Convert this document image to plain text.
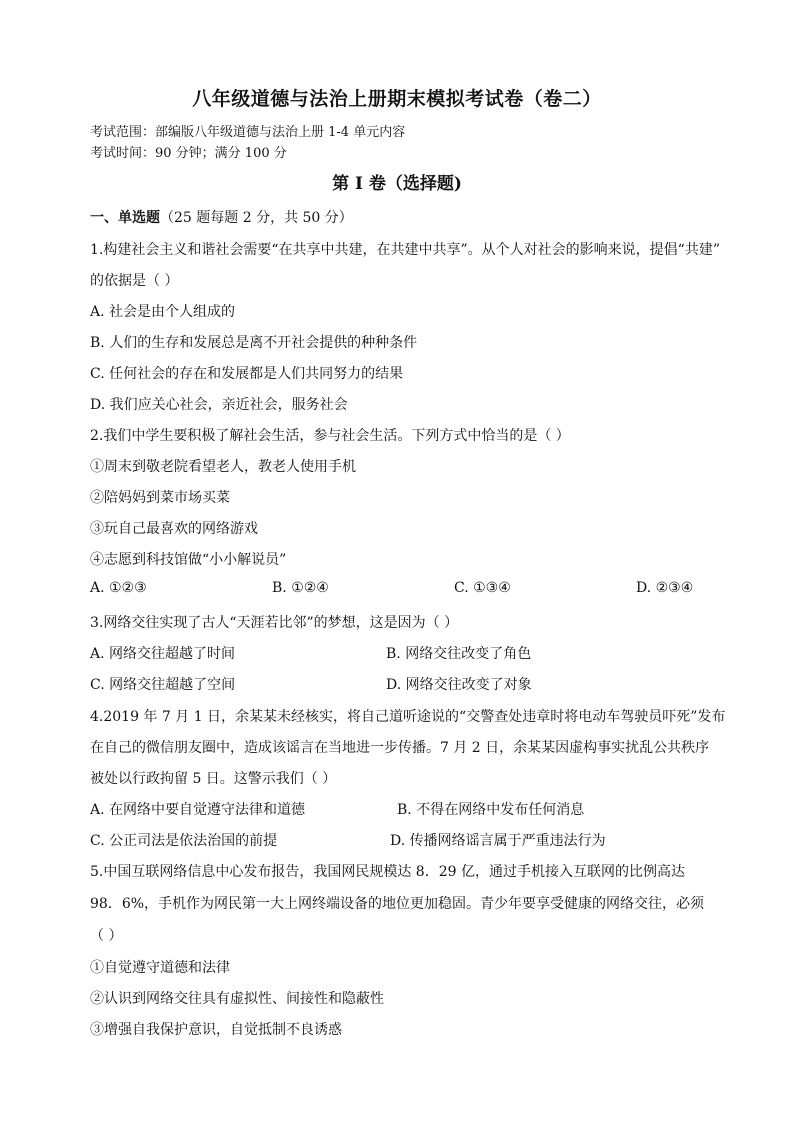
八年级道德与法治上册期末模拟考试卷（卷二）
考试范围：部编版八年级道德与法治上册 1-4 单元内容
考试时间：90 分钟；满分 100 分
第 I 卷（选择题)
一、单选题（25 题每题 2 分，共 50 分）
1.构建社会主义和谐社会需要“在共享中共建，在共建中共享”。从个人对社会的影响来说，提倡“共建”
的依据是（ ）
A. 社会是由个人组成的
B. 人们的生存和发展总是离不开社会提供的种种条件
C. 任何社会的存在和发展都是人们共同努力的结果
D. 我们应关心社会，亲近社会，服务社会
2.我们中学生要积极了解社会生活，参与社会生活。下列方式中恰当的是（ ）
①周末到敬老院看望老人，教老人使用手机
②陪妈妈到菜市场买菜
③玩自己最喜欢的网络游戏
④志愿到科技馆做“小小解说员”
A. ①②③	B. ①②④	C. ①③④	D. ②③④
3.网络交往实现了古人“天涯若比邻”的梦想，这是因为（ ）
A. 网络交往超越了时间	B. 网络交往改变了角色
C. 网络交往超越了空间	D. 网络交往改变了对象
4.2019 年 7 月 1 日，余某某未经核实，将自己道听途说的“交警查处违章时将电动车驾驶员吓死”发布
在自己的微信朋友圈中，造成该谣言在当地进一步传播。7 月 2 日，余某某因虚构事实扰乱公共秩序
被处以行政拘留 5 日。这警示我们（ ）
A. 在网络中要自觉遵守法律和道德	B. 不得在网络中发布任何消息
C. 公正司法是依法治国的前提	D. 传播网络谣言属于严重违法行为
5.中国互联网络信息中心发布报告，我国网民规模达 8．29 亿，通过手机接入互联网的比例高达
98．6%，手机作为网民第一大上网终端设备的地位更加稳固。青少年要享受健康的网络交往，必须
（ ）
①自觉遵守道德和法律
②认识到网络交往具有虚拟性、间接性和隐蔽性
③增强自我保护意识，自觉抵制不良诱惑
